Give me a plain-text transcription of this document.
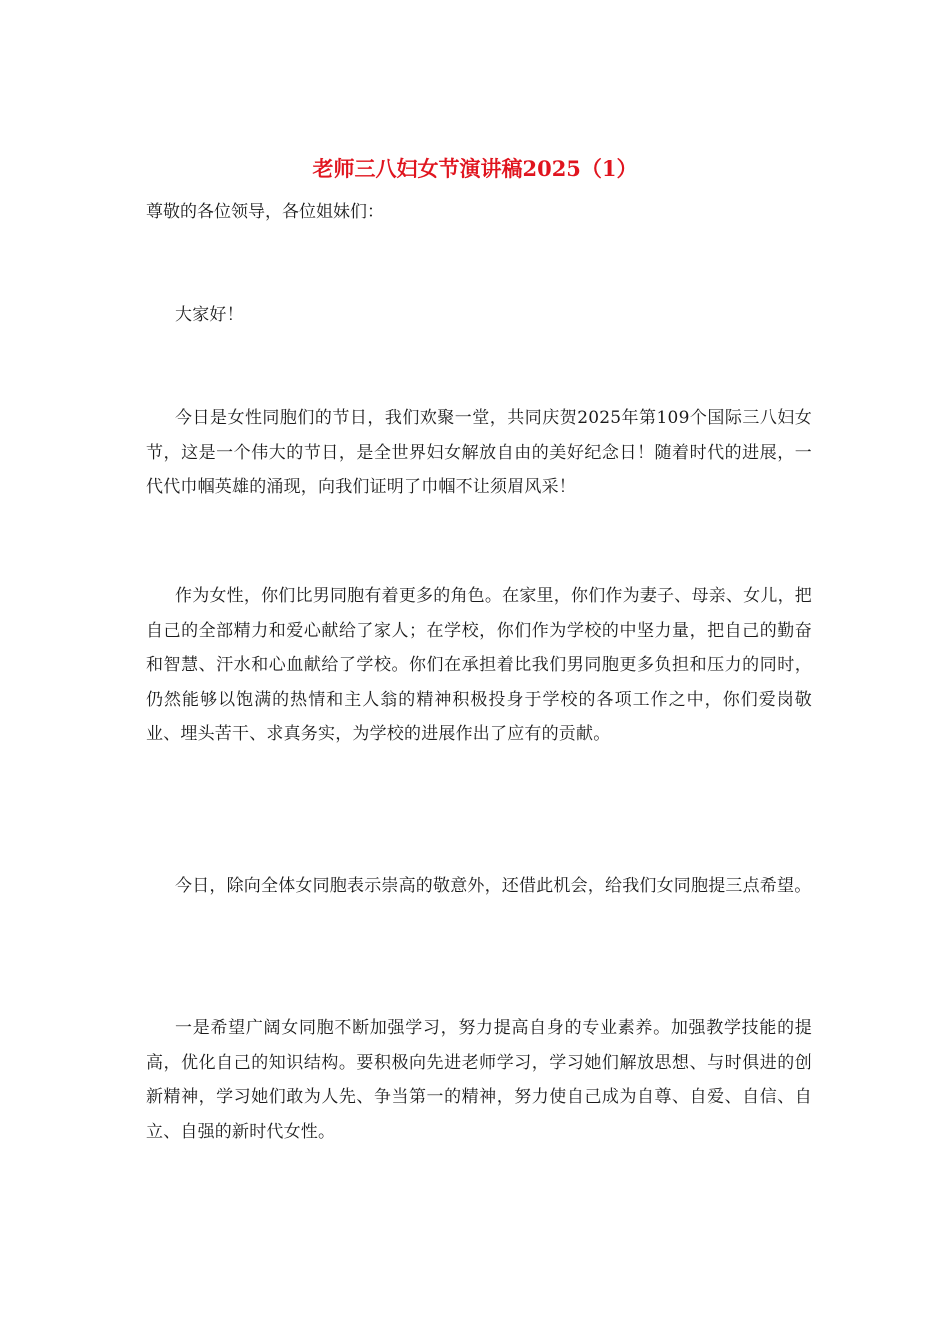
老师三八妇女节演讲稿2025（1）

尊敬的各位领导，各位姐妹们：

大家好！

今日是女性同胞们的节日，我们欢聚一堂，共同庆贺2025年第109个国际三八妇女节，这是一个伟大的节日，是全世界妇女解放自由的美好纪念日！随着时代的进展，一代代巾帼英雄的涌现，向我们证明了巾帼不让须眉风采！

作为女性，你们比男同胞有着更多的角色。在家里，你们作为妻子、母亲、女儿，把自己的全部精力和爱心献给了家人；在学校，你们作为学校的中坚力量，把自己的勤奋和智慧、汗水和心血献给了学校。你们在承担着比我们男同胞更多负担和压力的同时，仍然能够以饱满的热情和主人翁的精神积极投身于学校的各项工作之中，你们爱岗敬业、埋头苦干、求真务实，为学校的进展作出了应有的贡献。

今日，除向全体女同胞表示崇高的敬意外，还借此机会，给我们女同胞提三点希望。

一是希望广阔女同胞不断加强学习，努力提高自身的专业素养。加强教学技能的提高，优化自己的知识结构。要积极向先进老师学习，学习她们解放思想、与时俱进的创新精神，学习她们敢为人先、争当第一的精神，努力使自己成为自尊、自爱、自信、自立、自强的新时代女性。
